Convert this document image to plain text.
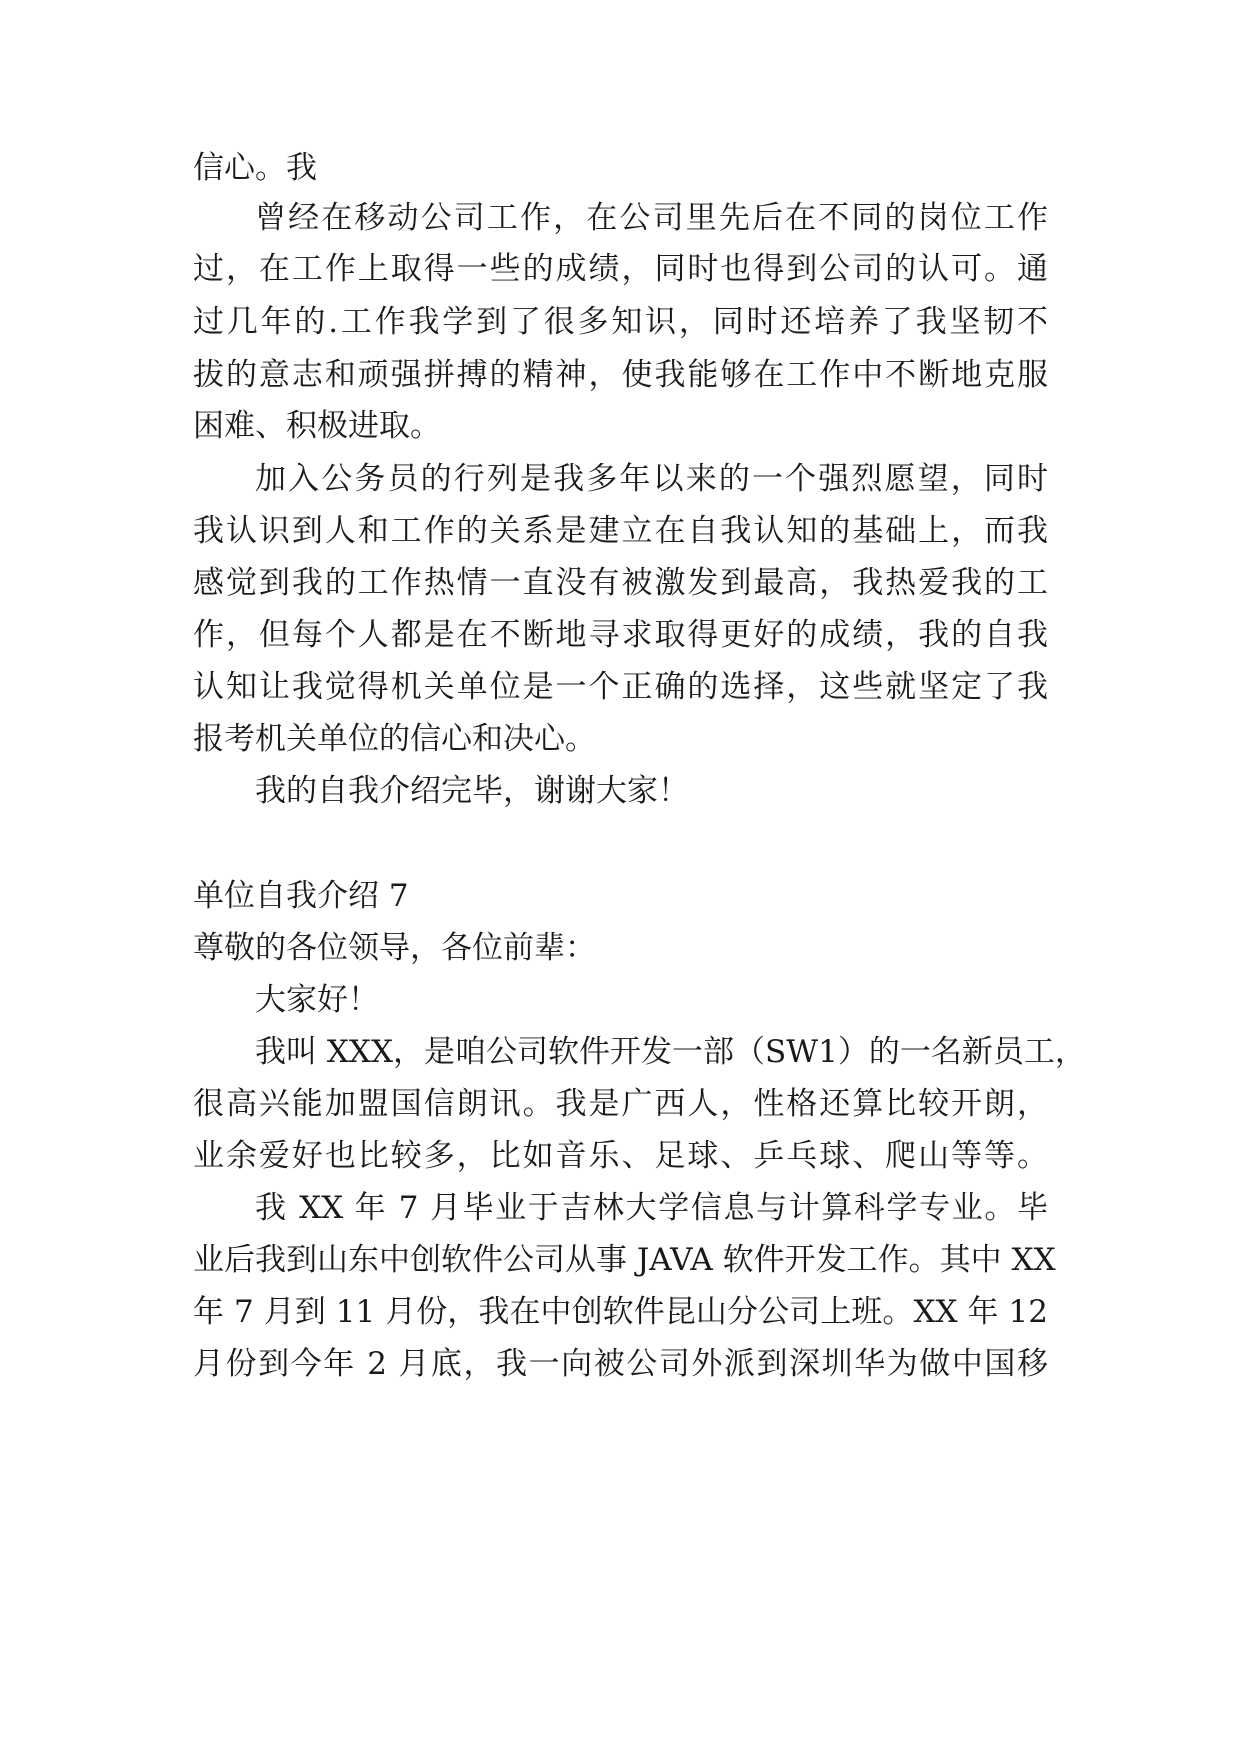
信心。我
曾经在移动公司工作，在公司里先后在不同的岗位工作
过，在工作上取得一些的成绩，同时也得到公司的认可。通
过几年的.工作我学到了很多知识，同时还培养了我坚韧不
拔的意志和顽强拼搏的精神，使我能够在工作中不断地克服
困难、积极进取。
加入公务员的行列是我多年以来的一个强烈愿望，同时
我认识到人和工作的关系是建立在自我认知的基础上，而我
感觉到我的工作热情一直没有被激发到最高，我热爱我的工
作，但每个人都是在不断地寻求取得更好的成绩，我的自我
认知让我觉得机关单位是一个正确的选择，这些就坚定了我
报考机关单位的信心和决心。
我的自我介绍完毕，谢谢大家！
单位自我介绍 7
尊敬的各位领导，各位前辈：
大家好！
我叫 XXX，是咱公司软件开发一部（SW1）的一名新员工，
很高兴能加盟国信朗讯。我是广西人，性格还算比较开朗，
业余爱好也比较多，比如音乐、足球、乒乓球、爬山等等。
我 XX 年 7 月毕业于吉林大学信息与计算科学专业。毕
业后我到山东中创软件公司从事 JAVA 软件开发工作。其中 XX
年 7 月到 11 月份，我在中创软件昆山分公司上班。XX 年 12
月份到今年 2 月底，我一向被公司外派到深圳华为做中国移
